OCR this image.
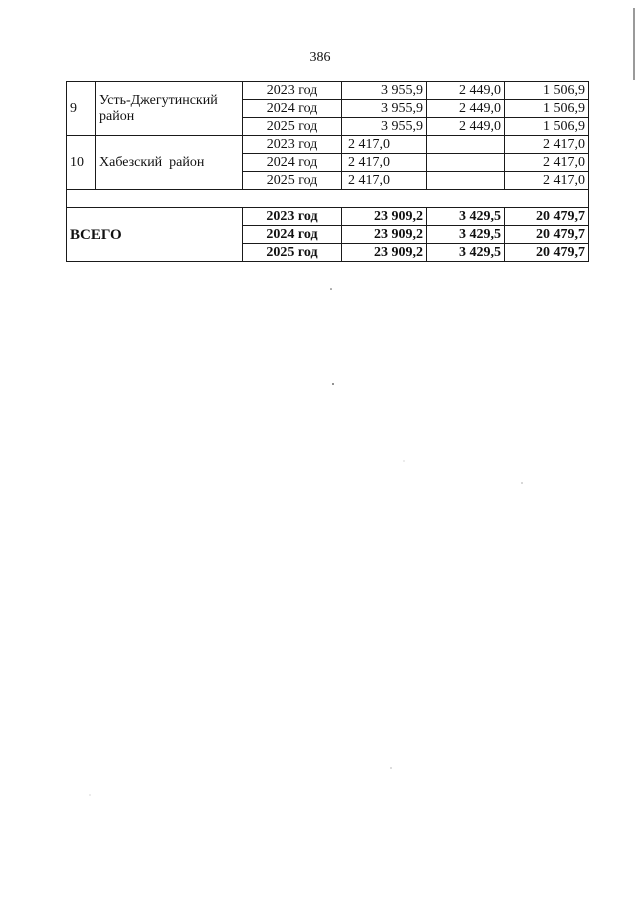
386
9	Усть-Джегутинский район	2023 год	3 955,9	2 449,0	1 506,9
		2024 год	3 955,9	2 449,0	1 506,9
		2025 год	3 955,9	2 449,0	1 506,9
10	Хабезский  район	2023 год	2 417,0		2 417,0
		2024 год	2 417,0		2 417,0
		2025 год	2 417,0		2 417,0

ВСЕГО		2023 год	23 909,2	3 429,5	20 479,7
		2024 год	23 909,2	3 429,5	20 479,7
		2025 год	23 909,2	3 429,5	20 479,7
